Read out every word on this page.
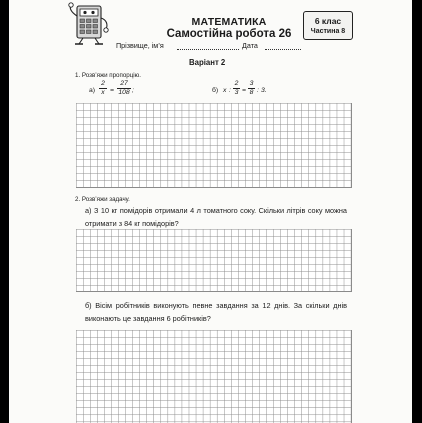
МАТЕМАТИКА
Самостійна робота 26
Прізвище, ім’я	Дата
6 клас
Частина 8
Варіант 2
1. Розв’яжи пропорцію.
$а) \frac{2}{x} = \frac{27}{108}$ ;	б) x : $\frac{2}{3} = \frac{3}{8}$ : 3.
2. Розв’яжи задачу.
а) З 10 кг помідорів отримали 4 л томатного соку. Скільки літрів соку можна отримати з 84 кг помідорів?
б) Вісім робітників виконують певне завдання за 12 днів. За скільки днів виконають це завдання 6 робітників?
